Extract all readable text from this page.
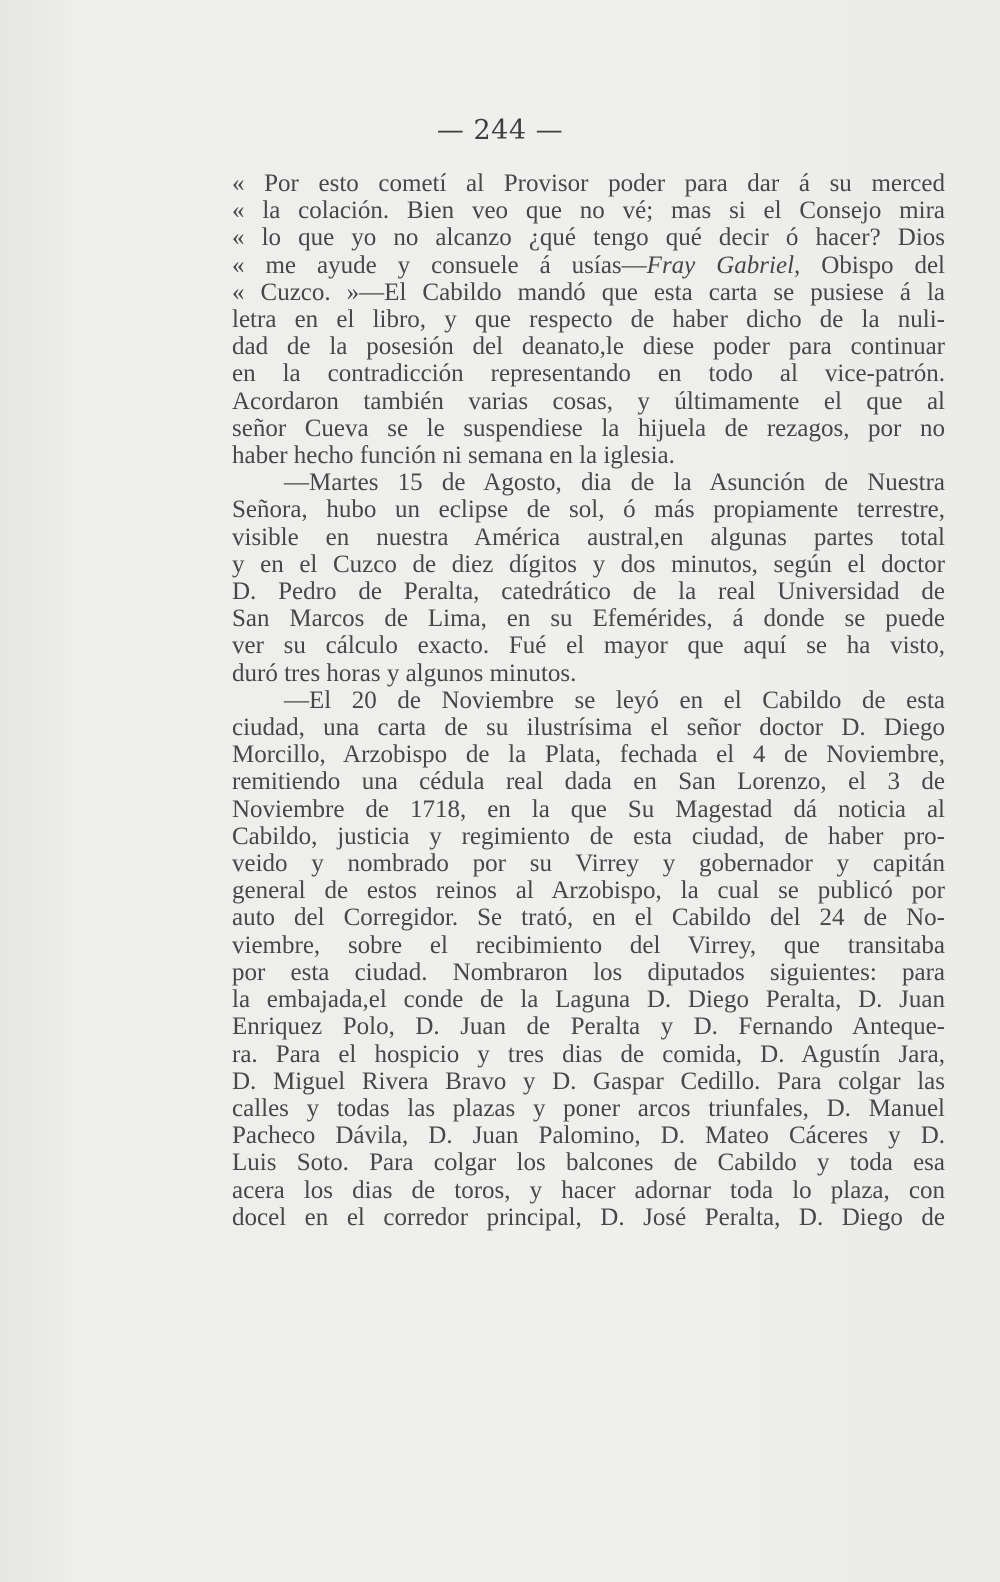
— 244 —
« Por esto cometí al Provisor poder para dar á su merced
« la colación. Bien veo que no vé; mas si el Consejo mira
« lo que yo no alcanzo ¿qué tengo qué decir ó hacer? Dios
« me ayude y consuele á usías—Fray Gabriel, Obispo del
« Cuzco. »—El Cabildo mandó que esta carta se pusiese á la
letra en el libro, y que respecto de haber dicho de la nuli-
dad de la posesión del deanato,le diese poder para continuar
en la contradicción representando en todo al vice-patrón.
Acordaron también varias cosas, y últimamente el que al
señor Cueva se le suspendiese la hijuela de rezagos, por no
haber hecho función ni semana en la iglesia.
—Martes 15 de Agosto, dia de la Asunción de Nuestra
Señora, hubo un eclipse de sol, ó más propiamente terrestre,
visible en nuestra América austral,en algunas partes total
y en el Cuzco de diez dígitos y dos minutos, según el doctor
D. Pedro de Peralta, catedrático de la real Universidad de
San Marcos de Lima, en su Efemérides, á donde se puede
ver su cálculo exacto. Fué el mayor que aquí se ha visto,
duró tres horas y algunos minutos.
—El 20 de Noviembre se leyó en el Cabildo de esta
ciudad, una carta de su ilustrísima el señor doctor D. Diego
Morcillo, Arzobispo de la Plata, fechada el 4 de Noviembre,
remitiendo una cédula real dada en San Lorenzo, el 3 de
Noviembre de 1718, en la que Su Magestad dá noticia al
Cabildo, justicia y regimiento de esta ciudad, de haber pro-
veido y nombrado por su Virrey y gobernador y capitán
general de estos reinos al Arzobispo, la cual se publicó por
auto del Corregidor. Se trató, en el Cabildo del 24 de No-
viembre, sobre el recibimiento del Virrey, que transitaba
por esta ciudad. Nombraron los diputados siguientes: para
la embajada,el conde de la Laguna D. Diego Peralta, D. Juan
Enriquez Polo, D. Juan de Peralta y D. Fernando Anteque-
ra. Para el hospicio y tres dias de comida, D. Agustín Jara,
D. Miguel Rivera Bravo y D. Gaspar Cedillo. Para colgar las
calles y todas las plazas y poner arcos triunfales, D. Manuel
Pacheco Dávila, D. Juan Palomino, D. Mateo Cáceres y D.
Luis Soto. Para colgar los balcones de Cabildo y toda esa
acera los dias de toros, y hacer adornar toda lo plaza, con
docel en el corredor principal, D. José Peralta, D. Diego de
